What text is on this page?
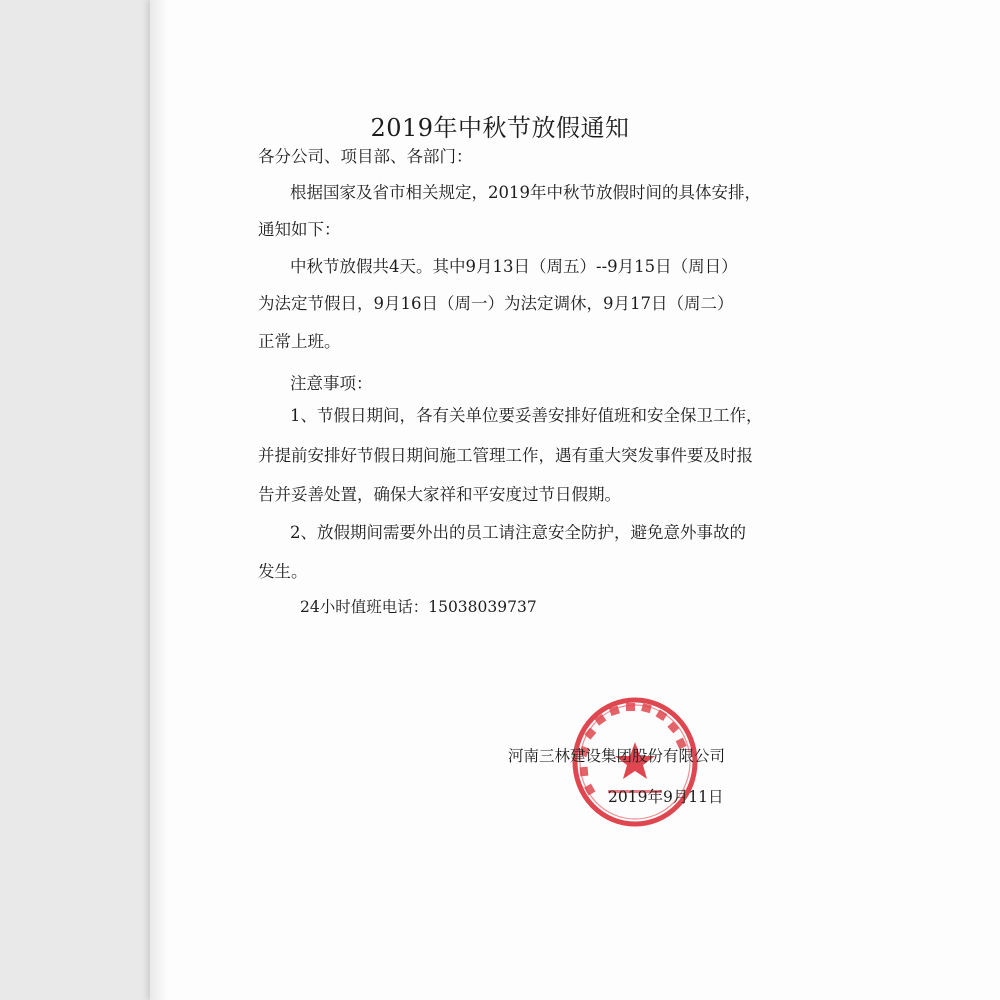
2019年中秋节放假通知
各分公司、项目部、各部门：
根据国家及省市相关规定，2019年中秋节放假时间的具体安排，
通知如下：
中秋节放假共4天。其中9月13日（周五）--9月15日（周日）
为法定节假日，9月16日（周一）为法定调休，9月17日（周二）
正常上班。
注意事项：
1、节假日期间，各有关单位要妥善安排好值班和安全保卫工作，
并提前安排好节假日期间施工管理工作，遇有重大突发事件要及时报
告并妥善处置，确保大家祥和平安度过节日假期。
2、放假期间需要外出的员工请注意安全防护，避免意外事故的
发生。
24小时值班电话：15038039737
河南三林建设集团股份有限公司
2019年9月11日
